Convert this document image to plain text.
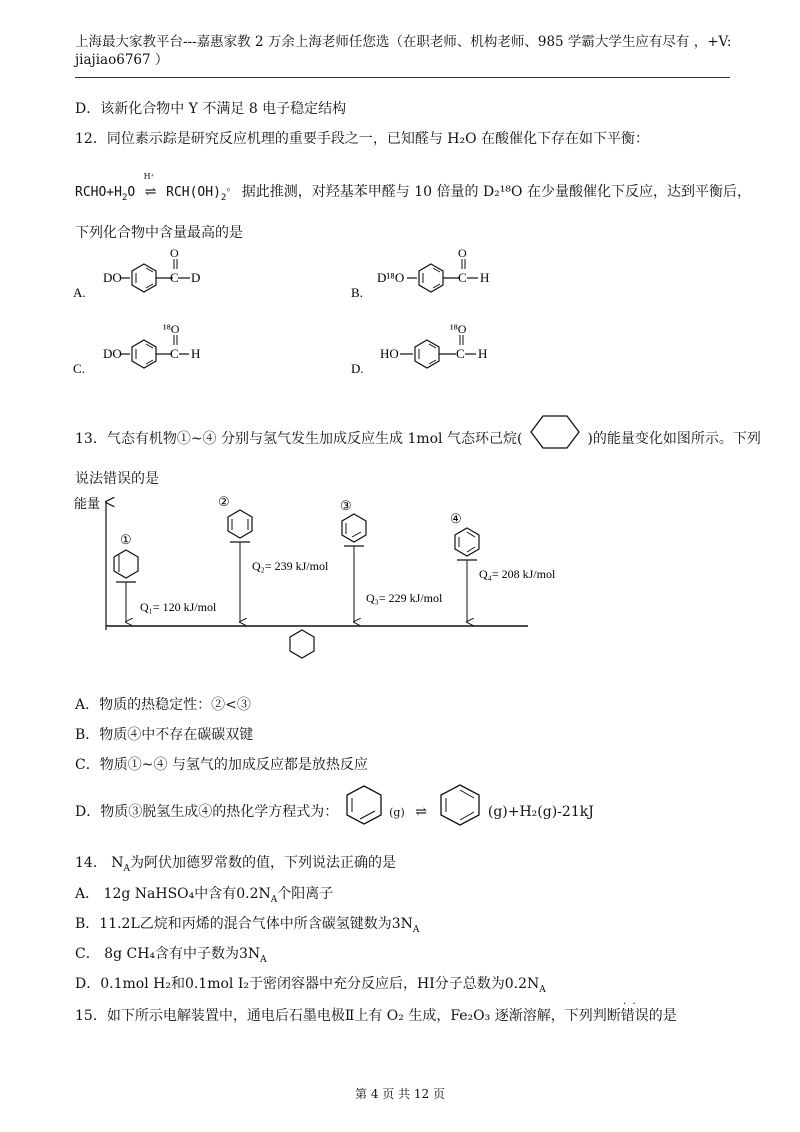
上海最大家教平台---嘉惠家教 2 万余上海老师任您选（在职老师、机构老师、985 学霸大学生应有尽有 ，+V: jiajiao6767 ）
D．该新化合物中 Y 不满足 8 电子稳定结构
12．同位素示踪是研究反应机理的重要手段之一，已知醛与 H₂O 在酸催化下存在如下平衡：
$RCHO+H_2O$
H⁺
⇌ $RCH(OH)_2^。$ 据此推测，对羟基苯甲醛与 10 倍量的 D₂¹⁸O 在少量酸催化下反应，达到平衡后，
下列化合物中含量最高的是
A.
DO	C D
O
B.
D¹⁸O	C H
O
C.
DO	C H
¹⁸O
D.
HO	C H
¹⁸O
13．气态有机物①~④ 分别与氢气发生加成反应生成 1mol 气态环己烷(	)的能量变化如图所示。下列
说法错误的是
能量
①
Q₁= 120 kJ/mol
②
Q₂= 239 kJ/mol
③
Q₃= 229 kJ/mol
④
Q₄= 208 kJ/mol
A．物质的热稳定性：②<③
B．物质④中不存在碳碳双键
C．物质①~④ 与氢气的加成反应都是放热反应
D．物质③脱氢生成④的热化学方程式为：	(g) ⇌	(g)+H₂(g)-21kJ
14． $N_A$为阿伏加德罗常数的值，下列说法正确的是
A． 12g NaHSO₄中含有$0.2N_A$个阳离子
B．11.2L乙烷和丙烯的混合气体中所含碳氢键数为$3N_A$
C． 8g CH₄含有中子数为$3N_A$
D．0.1mol H₂和0.1mol I₂于密闭容器中充分反应后，HI分子总数为$0.2N_A$
15．如下所示电解装置中，通电后石墨电极Ⅱ上有 O₂ 生成，Fe₂O₃ 逐渐溶解，下列判断错误的是
·  ·
第 4 页 共 12 页
